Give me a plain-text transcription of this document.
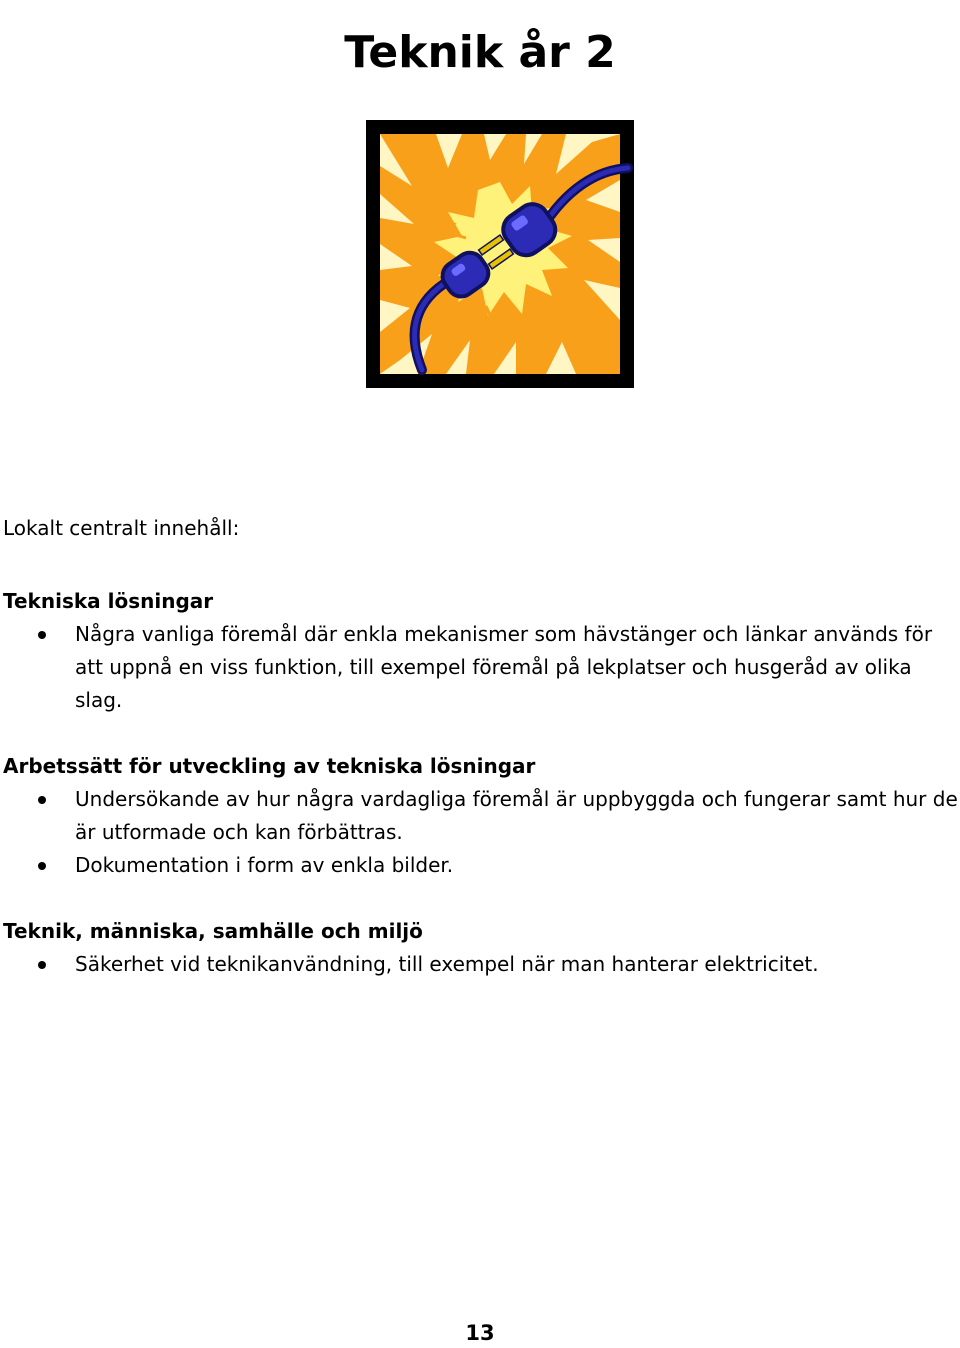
Teknik år 2

Lokalt centralt innehåll:

Tekniska lösningar

Några vanliga föremål där enkla mekanismer som hävstänger och länkar används för att uppnå en viss funktion, till exempel föremål på lekplatser och husgeråd av olika slag.

Arbetssätt för utveckling av tekniska lösningar

Undersökande av hur några vardagliga föremål är uppbyggda och fungerar samt hur de är utformade och kan förbättras.
Dokumentation i form av enkla bilder.

Teknik, människa, samhälle och miljö

Säkerhet vid teknikanvändning, till exempel när man hanterar elektricitet.
13
